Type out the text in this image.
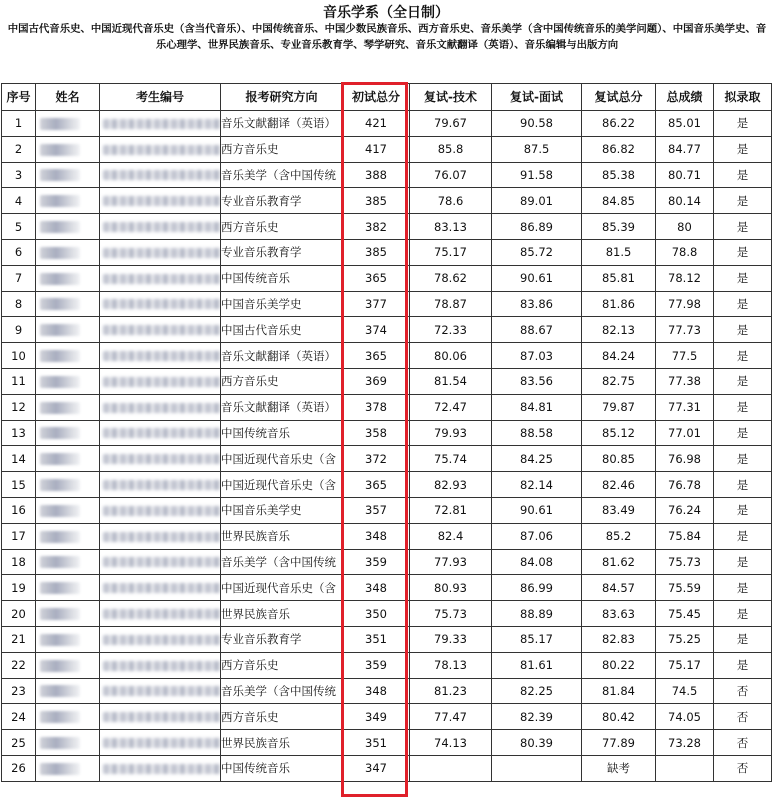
音乐学系（全日制）
中国古代音乐史、中国近现代音乐史（含当代音乐）、中国传统音乐、中国少数民族音乐、西方音乐史、音乐美学（含中国传统音乐的美学问题）、中国音乐美学史、音乐心理学、世界民族音乐、专业音乐教育学、琴学研究、音乐文献翻译（英语）、音乐编辑与出版方向
序号	姓名	考生编号	报考研究方向	初试总分	复试-技术	复试-面试	复试总分	总成绩	拟录取
1			音乐文献翻译（英语）	421	79.67	90.58	86.22	85.01	是
2			西方音乐史	417	85.8	87.5	86.82	84.77	是
3			音乐美学（含中国传统	388	76.07	91.58	85.38	80.71	是
4			专业音乐教育学	385	78.6	89.01	84.85	80.14	是
5			西方音乐史	382	83.13	86.89	85.39	80	是
6			专业音乐教育学	385	75.17	85.72	81.5	78.8	是
7			中国传统音乐	365	78.62	90.61	85.81	78.12	是
8			中国音乐美学史	377	78.87	83.86	81.86	77.98	是
9			中国古代音乐史	374	72.33	88.67	82.13	77.73	是
10			音乐文献翻译（英语）	365	80.06	87.03	84.24	77.5	是
11			西方音乐史	369	81.54	83.56	82.75	77.38	是
12			音乐文献翻译（英语）	378	72.47	84.81	79.87	77.31	是
13			中国传统音乐	358	79.93	88.58	85.12	77.01	是
14			中国近现代音乐史（含	372	75.74	84.25	80.85	76.98	是
15			中国近现代音乐史（含	365	82.93	82.14	82.46	76.78	是
16			中国音乐美学史	357	72.81	90.61	83.49	76.24	是
17			世界民族音乐	348	82.4	87.06	85.2	75.84	是
18			音乐美学（含中国传统	359	77.93	84.08	81.62	75.73	是
19			中国近现代音乐史（含	348	80.93	86.99	84.57	75.59	是
20			世界民族音乐	350	75.73	88.89	83.63	75.45	是
21			专业音乐教育学	351	79.33	85.17	82.83	75.25	是
22			西方音乐史	359	78.13	81.61	80.22	75.17	是
23			音乐美学（含中国传统	348	81.23	82.25	81.84	74.5	否
24			西方音乐史	349	77.47	82.39	80.42	74.05	否
25			世界民族音乐	351	74.13	80.39	77.89	73.28	否
26			中国传统音乐	347			缺考		否
